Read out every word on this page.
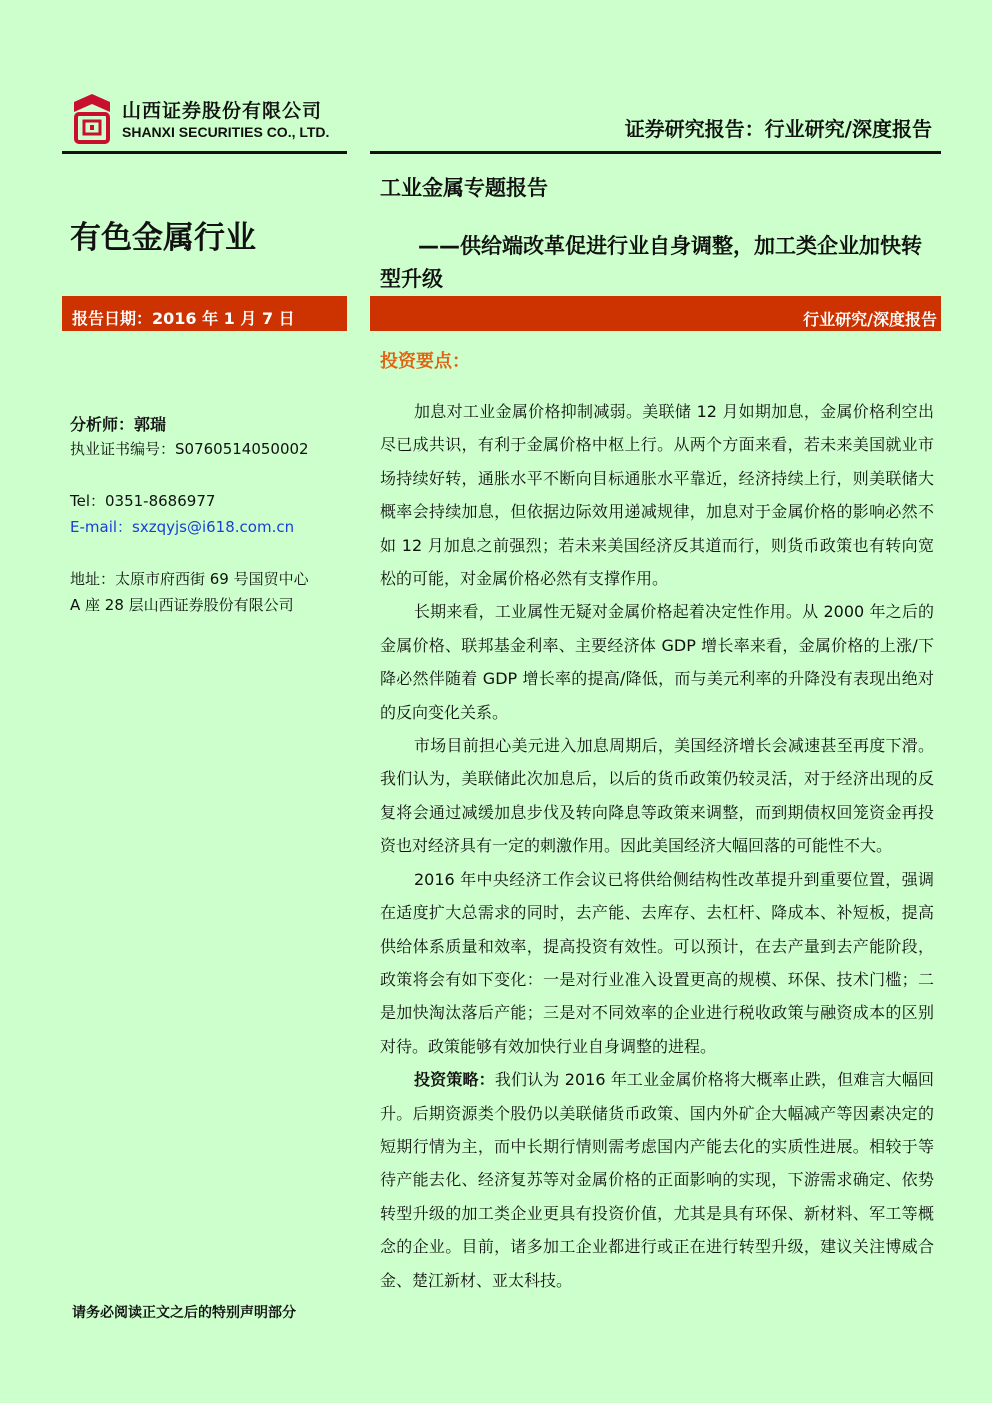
山西证券股份有限公司
SHANXI SECURITIES CO., LTD.	证券研究报告：行业研究/深度报告
有色金属行业
工业金属专题报告
——供给端改革促进行业自身调整，加工类企业加快转型升级
报告日期：2016 年 1 月 7 日	行业研究/深度报告
投资要点：
分析师：郭瑞
执业证书编号：S0760514050002
Tel：0351-8686977
E-mail：sxzqyjs@i618.com.cn
地址：太原市府西街 69 号国贸中心
A 座 28 层山西证券股份有限公司
请务必阅读正文之后的特别声明部分

加息对工业金属价格抑制减弱。美联储 12 月如期加息，金属价格利空出尽已成共识，有利于金属价格中枢上行。从两个方面来看，若未来美国就业市场持续好转，通胀水平不断向目标通胀水平靠近，经济持续上行，则美联储大概率会持续加息，但依据边际效用递减规律，加息对于金属价格的影响必然不如 12 月加息之前强烈；若未来美国经济反其道而行，则货币政策也有转向宽松的可能，对金属价格必然有支撑作用。

长期来看，工业属性无疑对金属价格起着决定性作用。从 2000 年之后的金属价格、联邦基金利率、主要经济体 GDP 增长率来看，金属价格的上涨/下降必然伴随着 GDP 增长率的提高/降低，而与美元利率的升降没有表现出绝对的反向变化关系。

市场目前担心美元进入加息周期后，美国经济增长会减速甚至再度下滑。我们认为，美联储此次加息后，以后的货币政策仍较灵活，对于经济出现的反复将会通过减缓加息步伐及转向降息等政策来调整，而到期债权回笼资金再投资也对经济具有一定的刺激作用。因此美国经济大幅回落的可能性不大。

2016 年中央经济工作会议已将供给侧结构性改革提升到重要位置，强调在适度扩大总需求的同时，去产能、去库存、去杠杆、降成本、补短板，提高供给体系质量和效率，提高投资有效性。可以预计，在去产量到去产能阶段，政策将会有如下变化：一是对行业准入设置更高的规模、环保、技术门槛；二是加快淘汰落后产能；三是对不同效率的企业进行税收政策与融资成本的区别对待。政策能够有效加快行业自身调整的进程。

投资策略：我们认为 2016 年工业金属价格将大概率止跌，但难言大幅回升。后期资源类个股仍以美联储货币政策、国内外矿企大幅减产等因素决定的短期行情为主，而中长期行情则需考虑国内产能去化的实质性进展。相较于等待产能去化、经济复苏等对金属价格的正面影响的实现，下游需求确定、依势转型升级的加工类企业更具有投资价值，尤其是具有环保、新材料、军工等概念的企业。目前，诸多加工企业都进行或正在进行转型升级，建议关注博威合金、楚江新材、亚太科技。
